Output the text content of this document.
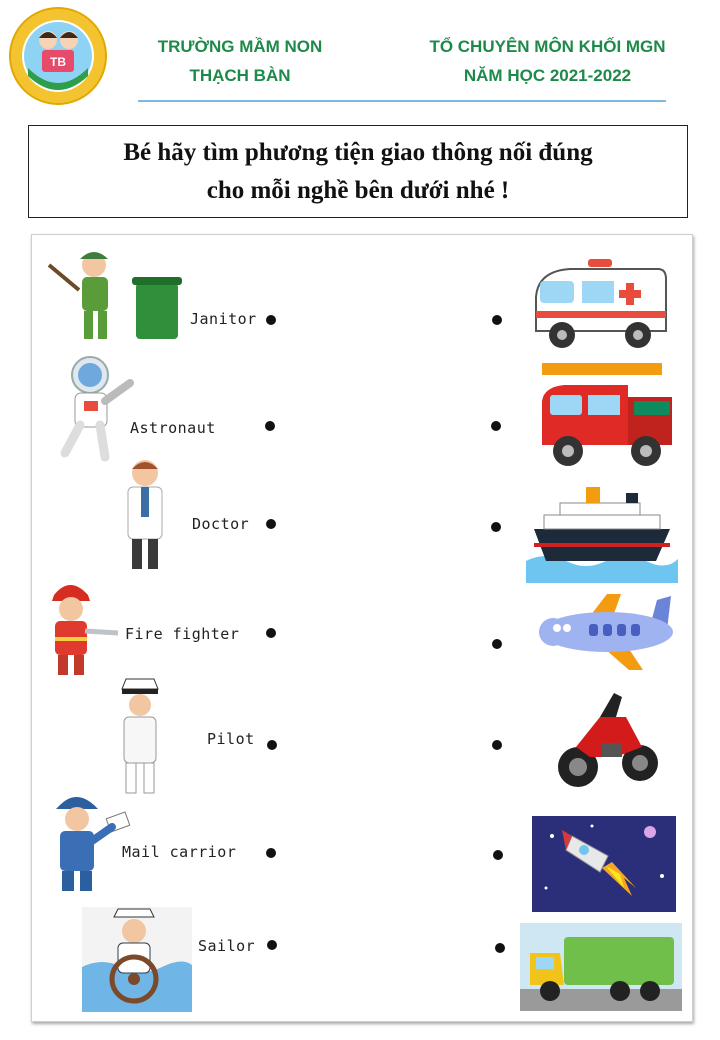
TB
TRƯỜNG MẦM NON
THẠCH BÀN
TỔ CHUYÊN MÔN KHỐI MGN
NĂM HỌC 2021-2022
Bé hãy tìm phương tiện giao thông nối đúng
cho mỗi nghề bên dưới nhé !
Janitor
Astronaut
Doctor
Fire fighter
Pilot
Mail carrior
Sailor
